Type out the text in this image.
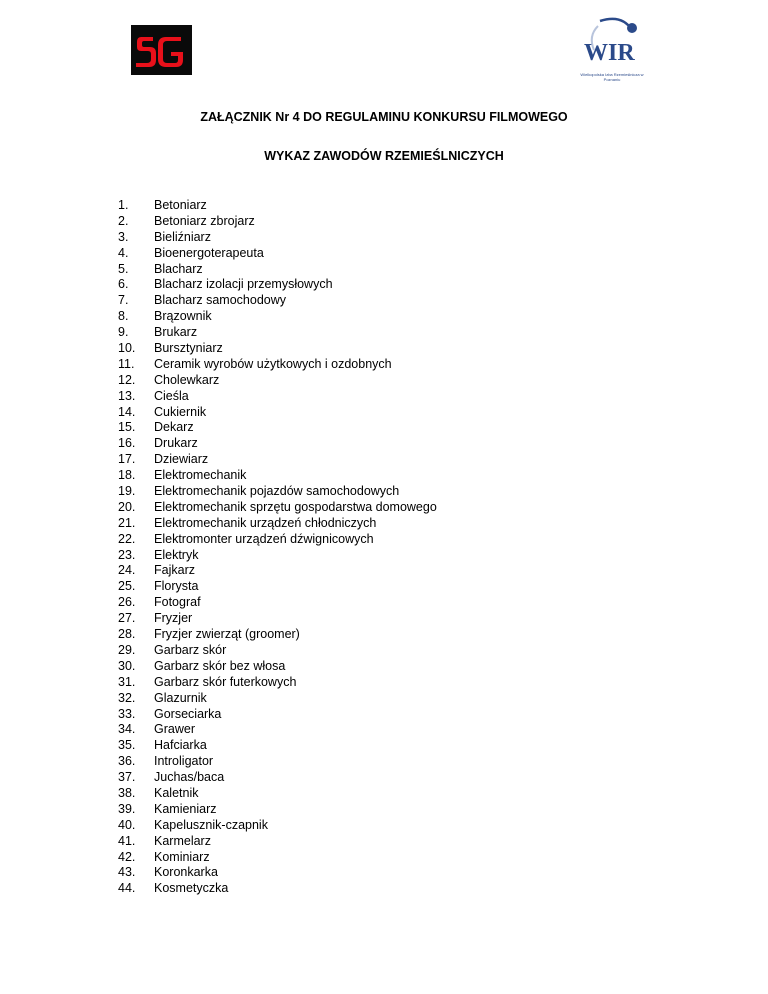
WIR
Wielkopolska Izba Rzemieślnicza w Poznaniu
ZAŁĄCZNIK Nr 4 DO REGULAMINU KONKURSU FILMOWEGO
WYKAZ ZAWODÓW RZEMIEŚLNICZYCH
1. Betoniarz
2. Betoniarz zbrojarz
3. Bieliźniarz
4. Bioenergoterapeuta
5. Blacharz
6. Blacharz izolacji przemysłowych
7. Blacharz samochodowy
8. Brązownik
9. Brukarz
10. Bursztyniarz
11. Ceramik wyrobów użytkowych i ozdobnych
12. Cholewkarz
13. Cieśla
14. Cukiernik
15. Dekarz
16. Drukarz
17. Dziewiarz
18. Elektromechanik
19. Elektromechanik pojazdów samochodowych
20. Elektromechanik sprzętu gospodarstwa domowego
21. Elektromechanik urządzeń chłodniczych
22. Elektromonter urządzeń dźwignicowych
23. Elektryk
24. Fajkarz
25. Florysta
26. Fotograf
27. Fryzjer
28. Fryzjer zwierząt (groomer)
29. Garbarz skór
30. Garbarz skór bez włosa
31. Garbarz skór futerkowych
32. Glazurnik
33. Gorseciarka
34. Grawer
35. Hafciarka
36. Introligator
37. Juchas/baca
38. Kaletnik
39. Kamieniarz
40. Kapelusznik-czapnik
41. Karmelarz
42. Kominiarz
43. Koronkarka
44. Kosmetyczka
